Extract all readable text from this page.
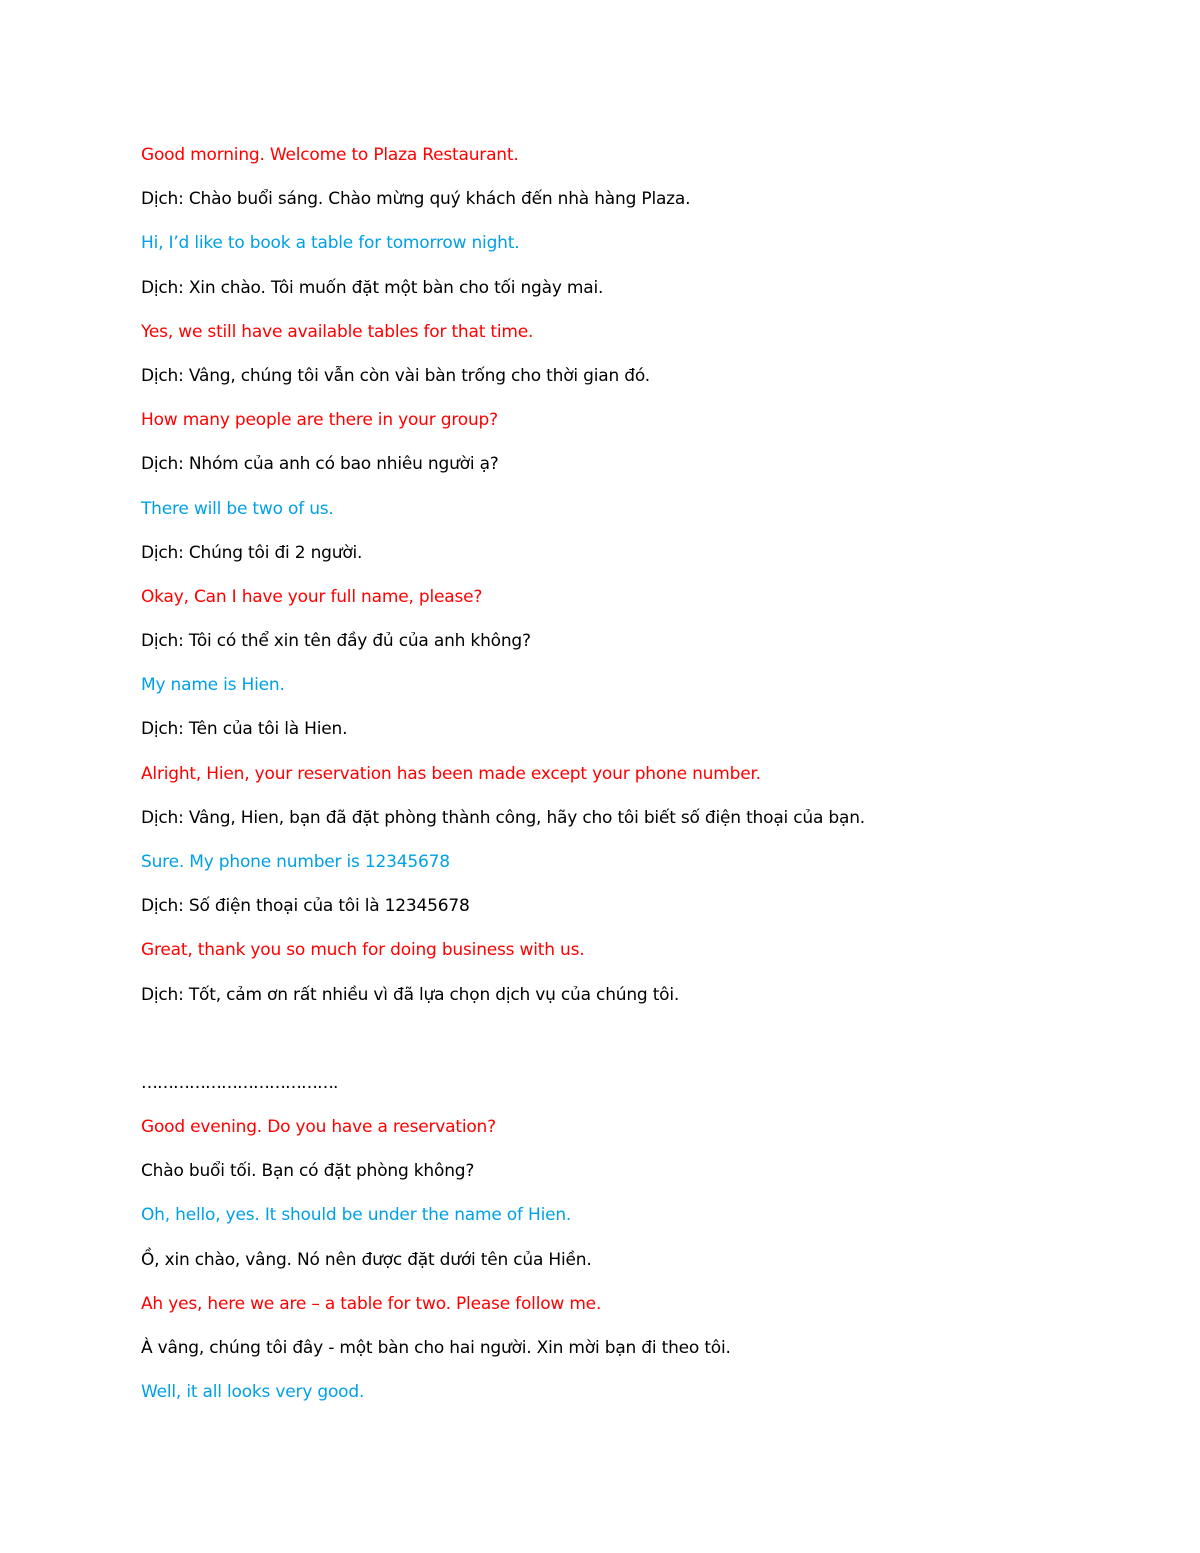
Good morning. Welcome to Plaza Restaurant.

Dịch: Chào buổi sáng. Chào mừng quý khách đến nhà hàng Plaza.

Hi, I’d like to book a table for tomorrow night.

Dịch: Xin chào. Tôi muốn đặt một bàn cho tối ngày mai.

Yes, we still have available tables for that time.

Dịch: Vâng, chúng tôi vẫn còn vài bàn trống cho thời gian đó.

How many people are there in your group?

Dịch: Nhóm của anh có bao nhiêu người ạ?

There will be two of us.

Dịch: Chúng tôi đi 2 người.

Okay, Can I have your full name, please?

Dịch: Tôi có thể xin tên đầy đủ của anh không?

My name is Hien.

Dịch: Tên của tôi là Hien.

Alright, Hien, your reservation has been made except your phone number.

Dịch: Vâng, Hien, bạn đã đặt phòng thành công, hãy cho tôi biết số điện thoại của bạn.

Sure. My phone number is 12345678

Dịch: Số điện thoại của tôi là 12345678

Great, thank you so much for doing business with us.

Dịch: Tốt, cảm ơn rất nhiều vì đã lựa chọn dịch vụ của chúng tôi.

……………………………….

Good evening. Do you have a reservation?

Chào buổi tối. Bạn có đặt phòng không?

Oh, hello, yes. It should be under the name of Hien.

Ồ, xin chào, vâng. Nó nên được đặt dưới tên của Hiền.

Ah yes, here we are – a table for two. Please follow me.

À vâng, chúng tôi đây - một bàn cho hai người. Xin mời bạn đi theo tôi.

Well, it all looks very good.
